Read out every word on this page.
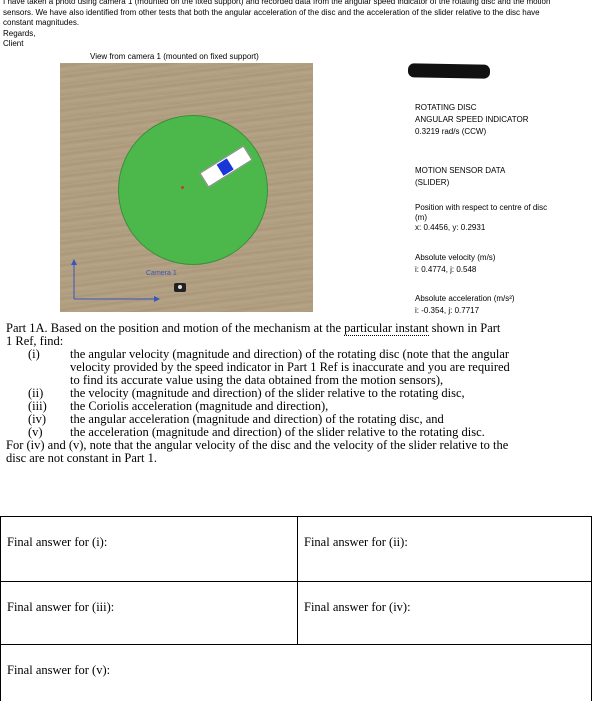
I have taken a photo using camera 1 (mounted on the fixed support) and recorded data from the angular speed indicator of the rotating disc and the motion
sensors. We have also identified from other tests that both the angular acceleration of the disc and the acceleration of the slider relative to the disc have
constant magnitudes.
Regards,
Client
View from camera 1 (mounted on fixed support)
Camera 1
ROTATING DISC
ANGULAR SPEED INDICATOR
0.3219 rad/s (CCW)
MOTION SENSOR DATA
(SLIDER)
Position with respect to centre of disc
(m)
x: 0.4456, y: 0.2931
Absolute velocity (m/s)
i: 0.4774, j: 0.548
Absolute acceleration (m/s²)
i: -0.354, j: 0.7717
Part 1A. Based on the position and motion of the mechanism at the particular instant shown in Part
1 Ref, find:
(i)	the angular velocity (magnitude and direction) of the rotating disc (note that the angular
velocity provided by the speed indicator in Part 1 Ref is inaccurate and you are required
to find its accurate value using the data obtained from the motion sensors),
(ii)	the velocity (magnitude and direction) of the slider relative to the rotating disc,
(iii)	the Coriolis acceleration (magnitude and direction),
(iv)	the angular acceleration (magnitude and direction) of the rotating disc, and
(v)	the acceleration (magnitude and direction) of the slider relative to the rotating disc.
For (iv) and (v), note that the angular velocity of the disc and the velocity of the slider relative to the
disc are not constant in Part 1.
Final answer for (i):	Final answer for (ii):
Final answer for (iii):	Final answer for (iv):
Final answer for (v):	
